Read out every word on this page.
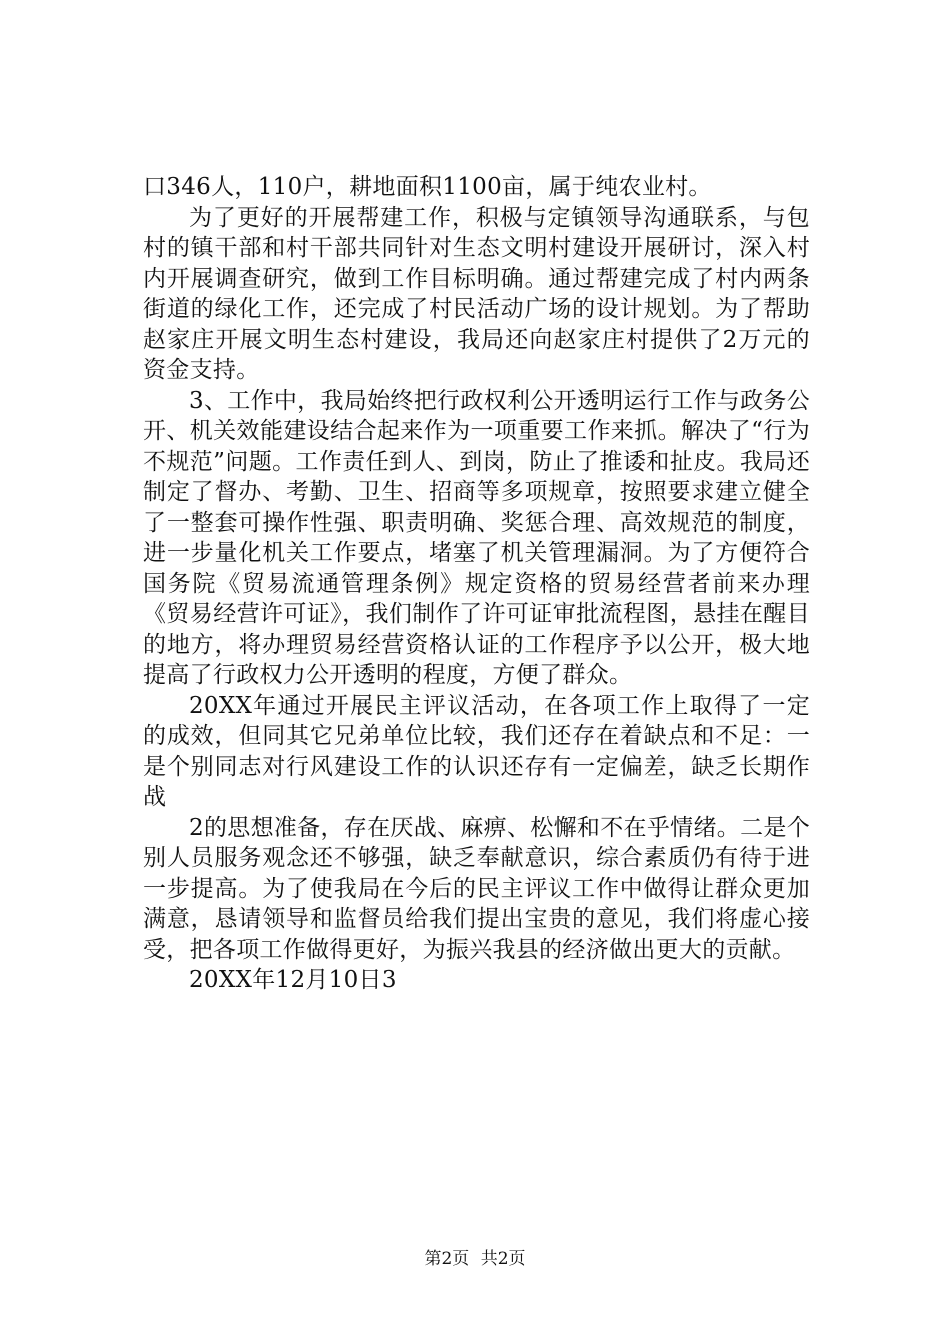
口346人，110户，耕地面积1100亩，属于纯农业村。

为了更好的开展帮建工作，积极与定镇领导沟通联系，与包村的镇干部和村干部共同针对生态文明村建设开展研讨，深入村内开展调查研究，做到工作目标明确。通过帮建完成了村内两条街道的绿化工作，还完成了村民活动广场的设计规划。为了帮助赵家庄开展文明生态村建设，我局还向赵家庄村提供了2万元的资金支持。

3、工作中，我局始终把行政权利公开透明运行工作与政务公开、机关效能建设结合起来作为一项重要工作来抓。解决了“行为不规范”问题。工作责任到人、到岗，防止了推诿和扯皮。我局还制定了督办、考勤、卫生、招商等多项规章，按照要求建立健全了一整套可操作性强、职责明确、奖惩合理、高效规范的制度，进一步量化机关工作要点，堵塞了机关管理漏洞。为了方便符合国务院《贸易流通管理条例》规定资格的贸易经营者前来办理《贸易经营许可证》，我们制作了许可证审批流程图，悬挂在醒目的地方，将办理贸易经营资格认证的工作程序予以公开，极大地提高了行政权力公开透明的程度，方便了群众。

20XX年通过开展民主评议活动，在各项工作上取得了一定的成效，但同其它兄弟单位比较，我们还存在着缺点和不足：一是个别同志对行风建设工作的认识还存有一定偏差，缺乏长期作战

2的思想准备，存在厌战、麻痹、松懈和不在乎情绪。二是个别人员服务观念还不够强，缺乏奉献意识，综合素质仍有待于进一步提高。为了使我局在今后的民主评议工作中做得让群众更加满意，恳请领导和监督员给我们提出宝贵的意见，我们将虚心接受，把各项工作做得更好，为振兴我县的经济做出更大的贡献。

20XX年12月10日3

第2页 共2页
